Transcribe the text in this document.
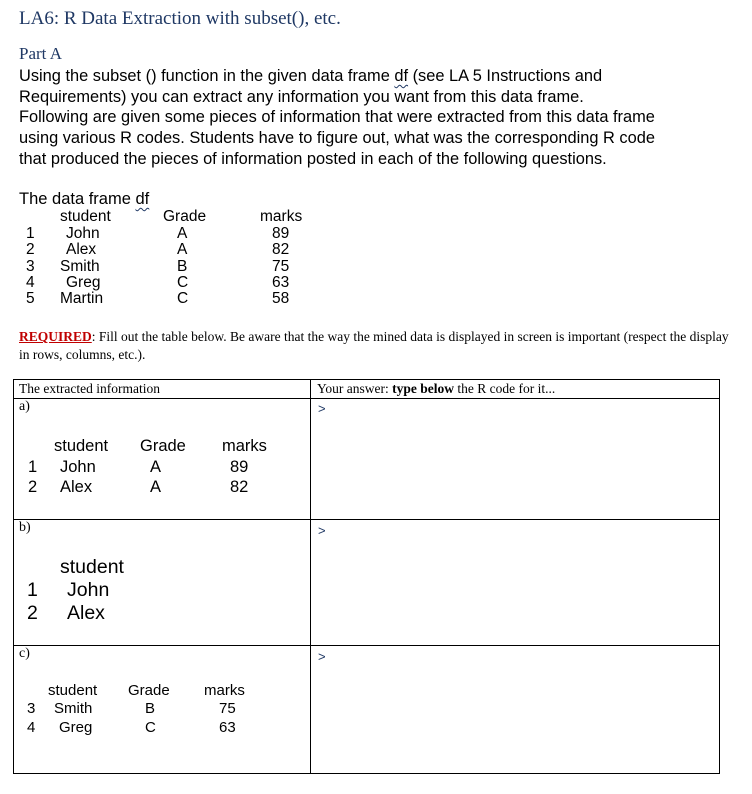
LA6: R Data Extraction with subset(), etc.
Part A
Using the subset () function in the given data frame df (see LA 5 Instructions and
Requirements) you can extract any information you want from this data frame.
Following are given some pieces of information that were extracted from this data frame
using various R codes. Students have to figure out, what was the corresponding R code
that produced the pieces of information posted in each of the following questions.
The data frame df
student	Grade	marks
1 John	A	89
2 Alex	A	82
3 Smith	B	75
4 Greg	C	63
5 Martin	C	58
REQUIRED: Fill out the table below. Be aware that the way the mined data is displayed in screen is important (respect the display in rows, columns, etc.).
The extracted information	Your answer: type below the R code for it...
a)	>
student Grade marks
1 John	A	89
2 Alex	A	82
b)	>
student
1 John
2 Alex
c)	>
student Grade marks
3 Smith	B	75
4 Greg	C	63
